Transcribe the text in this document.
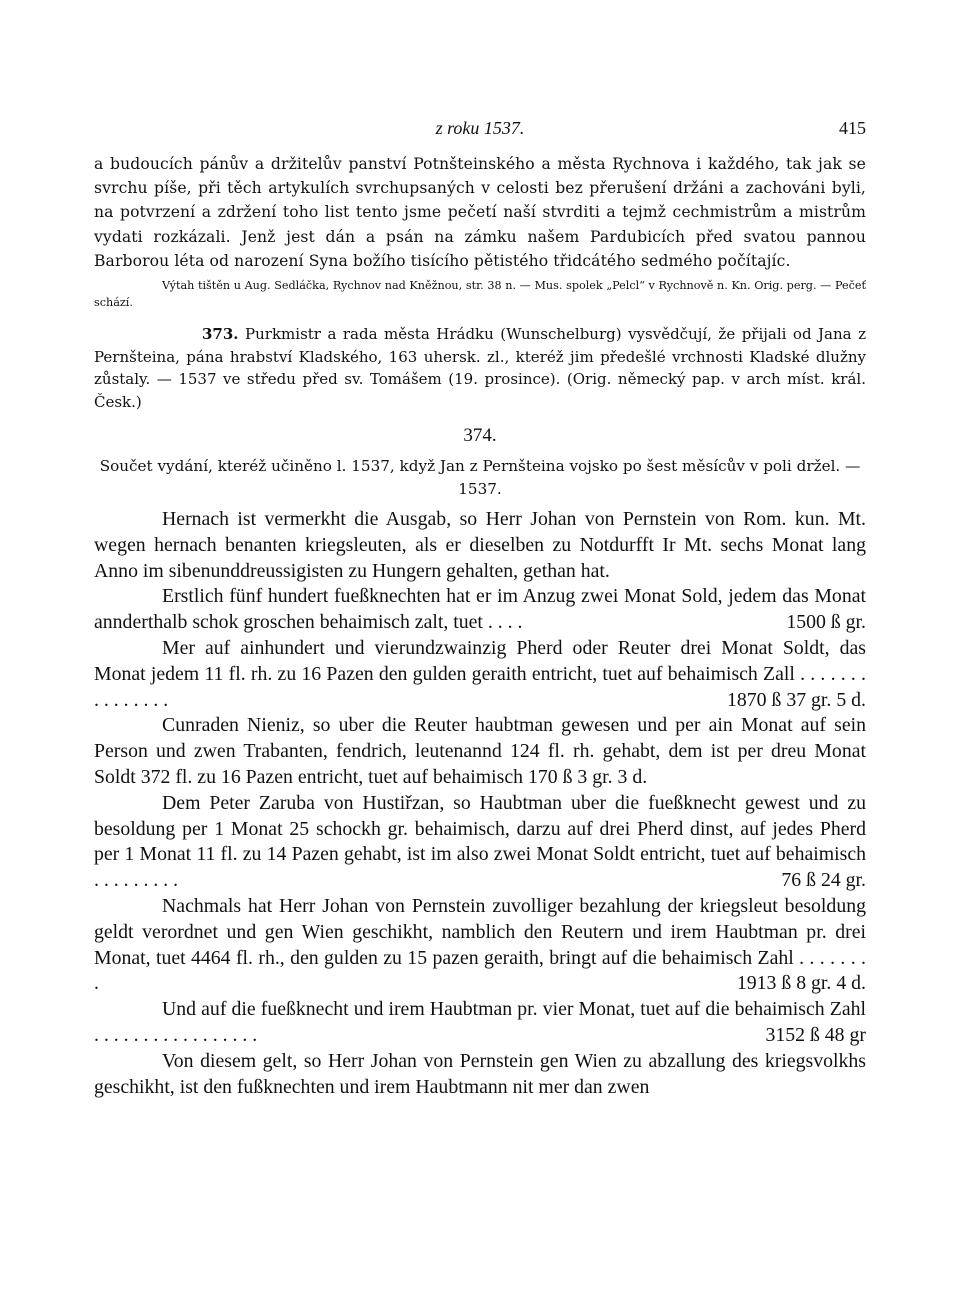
z roku 1537.	415

a budoucích pánův a držitelův panství Potnšteinského a města Rychnova i každého, tak jak se svrchu píše, při těch artykulích svrchupsaných v celosti bez přerušení držáni a zachováni byli, na potvrzení a zdržení toho list tento jsme pečetí naší stvrditi a tejmž cechmistrům a mistrům vydati rozkázali. Jenž jest dán a psán na zámku našem Pardubicích před svatou pannou Barborou léta od narození Syna božího tisícího pětistého třidcátého sedmého počítajíc.

Výtah tištěn u Aug. Sedláčka, Rychnov nad Kněžnou, str. 38 n. — Mus. spolek „Pelcl“ v Rychnově n. Kn. Orig. perg. — Pečeť schází.

373. Purkmistr a rada města Hrádku (Wunschelburg) vysvědčují, že přijali od Jana z Pernšteina, pána hrabství Kladského, 163 uhersk. zl., kteréž jim předešlé vrchnosti Kladské dlužny zůstaly. — 1537 ve středu před sv. Tomášem (19. prosince). (Orig. německý pap. v arch míst. král. Česk.)

374.
Součet vydání, kteréž učiněno l. 1537, když Jan z Pernšteina vojsko po šest měsícův v poli držel. — 1537.

Hernach ist vermerkht die Ausgab, so Herr Johan von Pernstein von Rom. kun. Mt. wegen hernach benanten kriegsleuten, als er dieselben zu Notdurfft Ir Mt. sechs Monat lang Anno im sibenunddreussigisten zu Hungern gehalten, gethan hat.

Erstlich fünf hundert fueßknechten hat er im Anzug zwei Monat Sold, jedem das Monat annderthalb schok groschen behaimisch zalt, tuet . . . .	1500 ß gr.

Mer auf ainhundert und vierundzwainzig Pherd oder Reuter drei Monat Soldt, das Monat jedem 11 fl. rh. zu 16 Pazen den gulden geraith entricht, tuet auf behaimisch Zall . . . . . . . . . . . . . . .	1870 ß 37 gr. 5 d.

Cunraden Nieniz, so uber die Reuter haubtman gewesen und per ain Monat auf sein Person und zwen Trabanten, fendrich, leutenannd 124 fl. rh. gehabt, dem ist per dreu Monat Soldt 372 fl. zu 16 Pazen entricht, tuet auf behaimisch 170 ß 3 gr. 3 d.

Dem Peter Zaruba von Hustiřzan, so Haubtman uber die fueßknecht gewest und zu besoldung per 1 Monat 25 schockh gr. behaimisch, darzu auf drei Pherd dinst, auf jedes Pherd per 1 Monat 11 fl. zu 14 Pazen gehabt, ist im also zwei Monat Soldt entricht, tuet auf behaimisch . . . . . . . . .	76 ß 24 gr.

Nachmals hat Herr Johan von Pernstein zuvolliger bezahlung der kriegsleut besoldung geldt verordnet und gen Wien geschikht, namblich den Reutern und irem Haubtman pr. drei Monat, tuet 4464 fl. rh., den gulden zu 15 pazen geraith, bringt auf die behaimisch Zahl . . . . . . . .	1913 ß 8 gr. 4 d.

Und auf die fueßknecht und irem Haubtman pr. vier Monat, tuet auf die behaimisch Zahl . . . . . . . . . . . . . . . . .	3152 ß 48 gr

Von diesem gelt, so Herr Johan von Pernstein gen Wien zu abzallung des kriegsvolkhs geschikht, ist den fußknechten und irem Haubtmann nit mer dan zwen
